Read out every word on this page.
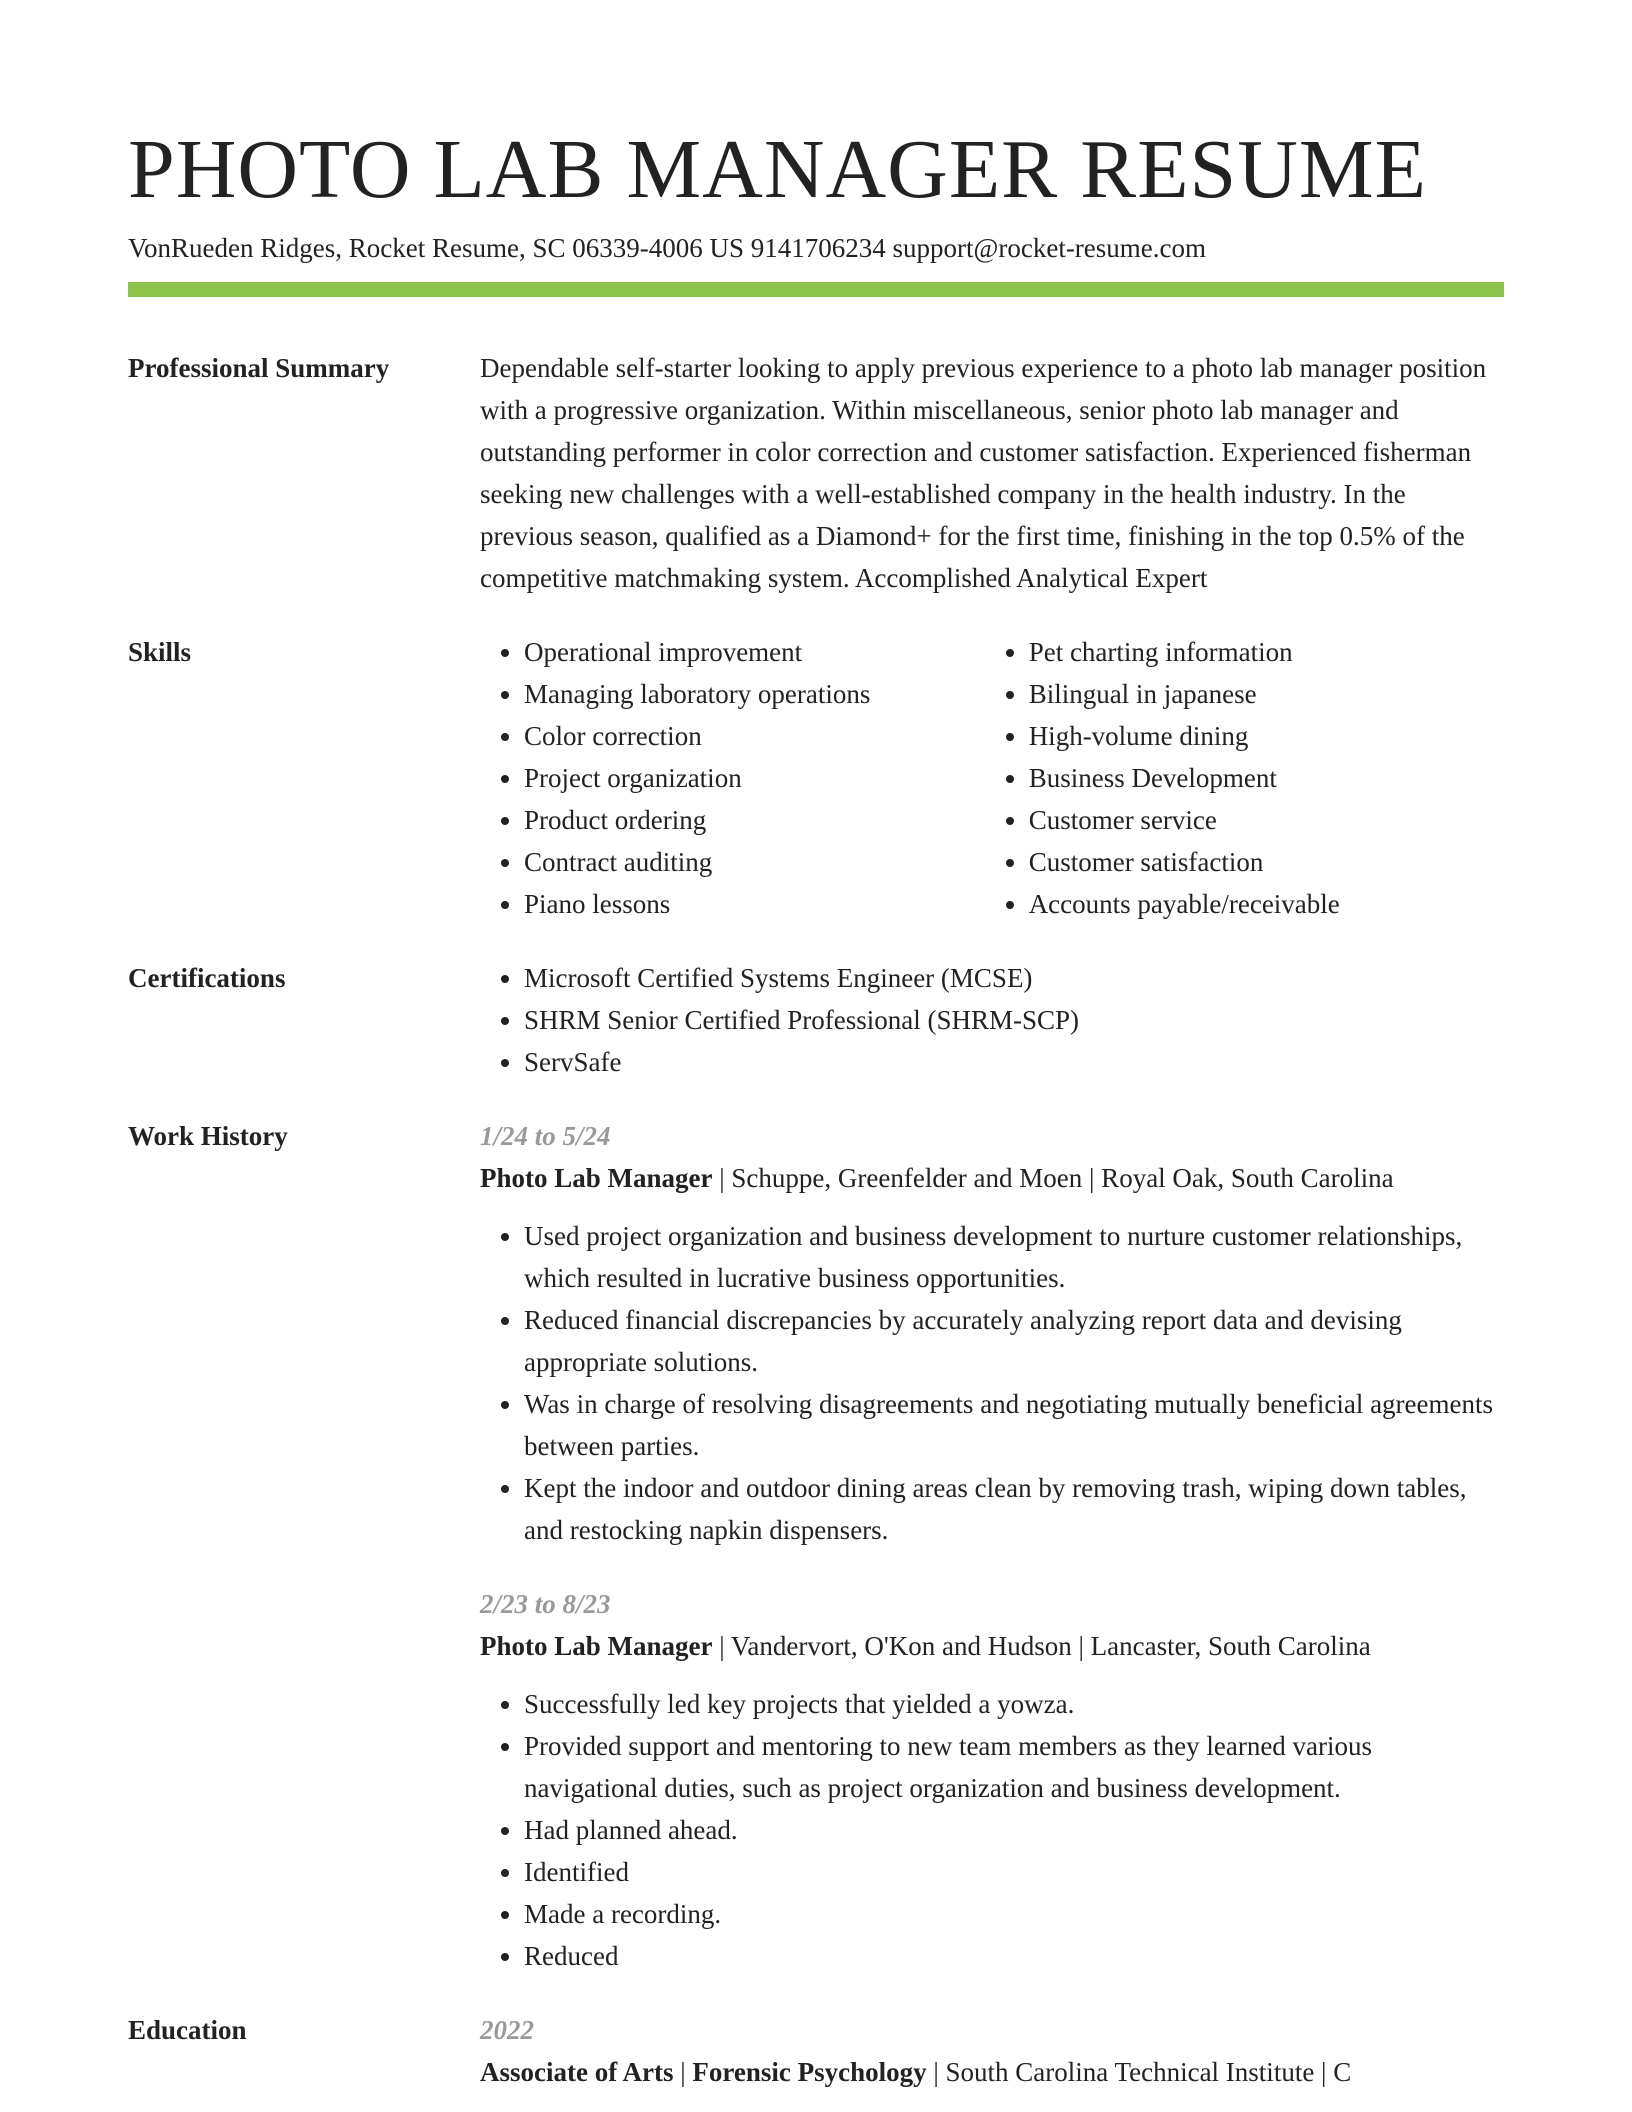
PHOTO LAB MANAGER RESUME
VonRueden Ridges, Rocket Resume, SC 06339-4006 US 9141706234 support@rocket-resume.com
Professional Summary	Dependable self-starter looking to apply previous experience to a photo lab manager position with a progressive organization. Within miscellaneous, senior photo lab manager and outstanding performer in color correction and customer satisfaction. Experienced fisherman seeking new challenges with a well-established company in the health industry. In the previous season, qualified as a Diamond+ for the first time, finishing in the top 0.5% of the competitive matchmaking system. Accomplished Analytical Expert

Skills	• Operational improvement
• Managing laboratory operations
• Color correction
• Project organization
• Product ordering
• Contract auditing
• Piano lessons
• Pet charting information
• Bilingual in japanese
• High-volume dining
• Business Development
• Customer service
• Customer satisfaction
• Accounts payable/receivable
Certifications	• Microsoft Certified Systems Engineer (MCSE)
• SHRM Senior Certified Professional (SHRM-SCP)
• ServSafe
Work History	1/24 to 5/24
Photo Lab Manager | Schuppe, Greenfelder and Moen | Royal Oak, South Carolina
• Used project organization and business development to nurture customer relationships, which resulted in lucrative business opportunities.
• Reduced financial discrepancies by accurately analyzing report data and devising appropriate solutions.
• Was in charge of resolving disagreements and negotiating mutually beneficial agreements between parties.
• Kept the indoor and outdoor dining areas clean by removing trash, wiping down tables, and restocking napkin dispensers.
2/23 to 8/23
Photo Lab Manager | Vandervort, O'Kon and Hudson | Lancaster, South Carolina
• Successfully led key projects that yielded a yowza.
• Provided support and mentoring to new team members as they learned various navigational duties, such as project organization and business development.
• Had planned ahead.
• Identified
• Made a recording.
• Reduced
Education	2022
Associate of Arts | Forensic Psychology | South Carolina Technical Institute | C
